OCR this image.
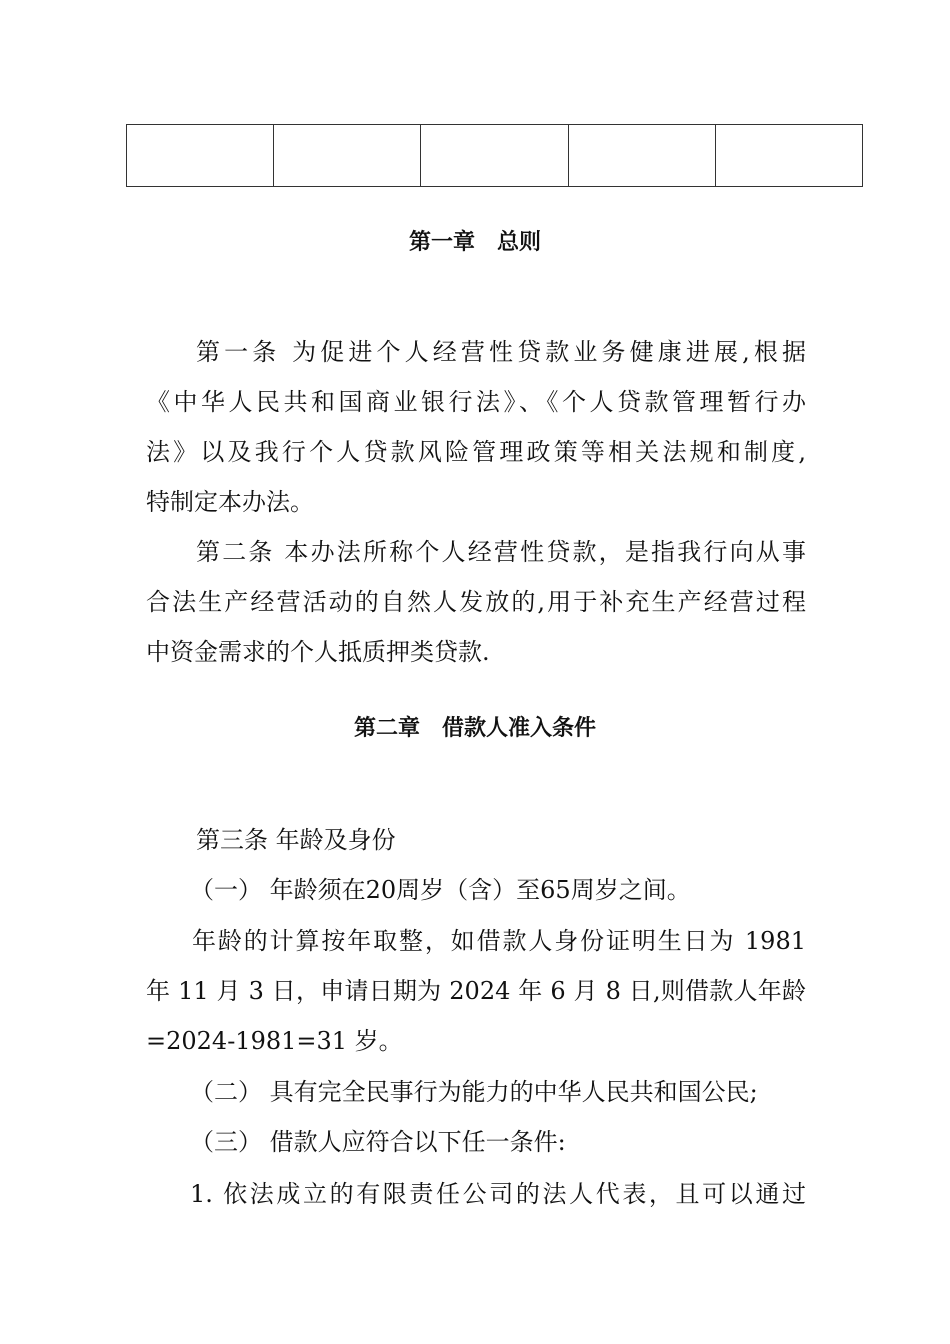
第一章　总则
第一条 为促进个人经营性贷款业务健康进展,根据
《中华人民共和国商业银行法》、《个人贷款管理暂行办
法》以及我行个人贷款风险管理政策等相关法规和制度,
特制定本办法。
第二条 本办法所称个人经营性贷款，是指我行向从事
合法生产经营活动的自然人发放的,用于补充生产经营过程
中资金需求的个人抵质押类贷款.
第二章　借款人准入条件
第三条 年龄及身份
（一） 年龄须在20周岁（含）至65周岁之间。
年龄的计算按年取整，如借款人身份证明生日为 1981
年 11 月 3 日，申请日期为 2024 年 6 月 8 日,则借款人年龄
=2024-1981=31 岁。
（二） 具有完全民事行为能力的中华人民共和国公民;
（三） 借款人应符合以下任一条件:
1. 依法成立的有限责任公司的法人代表，且可以通过
